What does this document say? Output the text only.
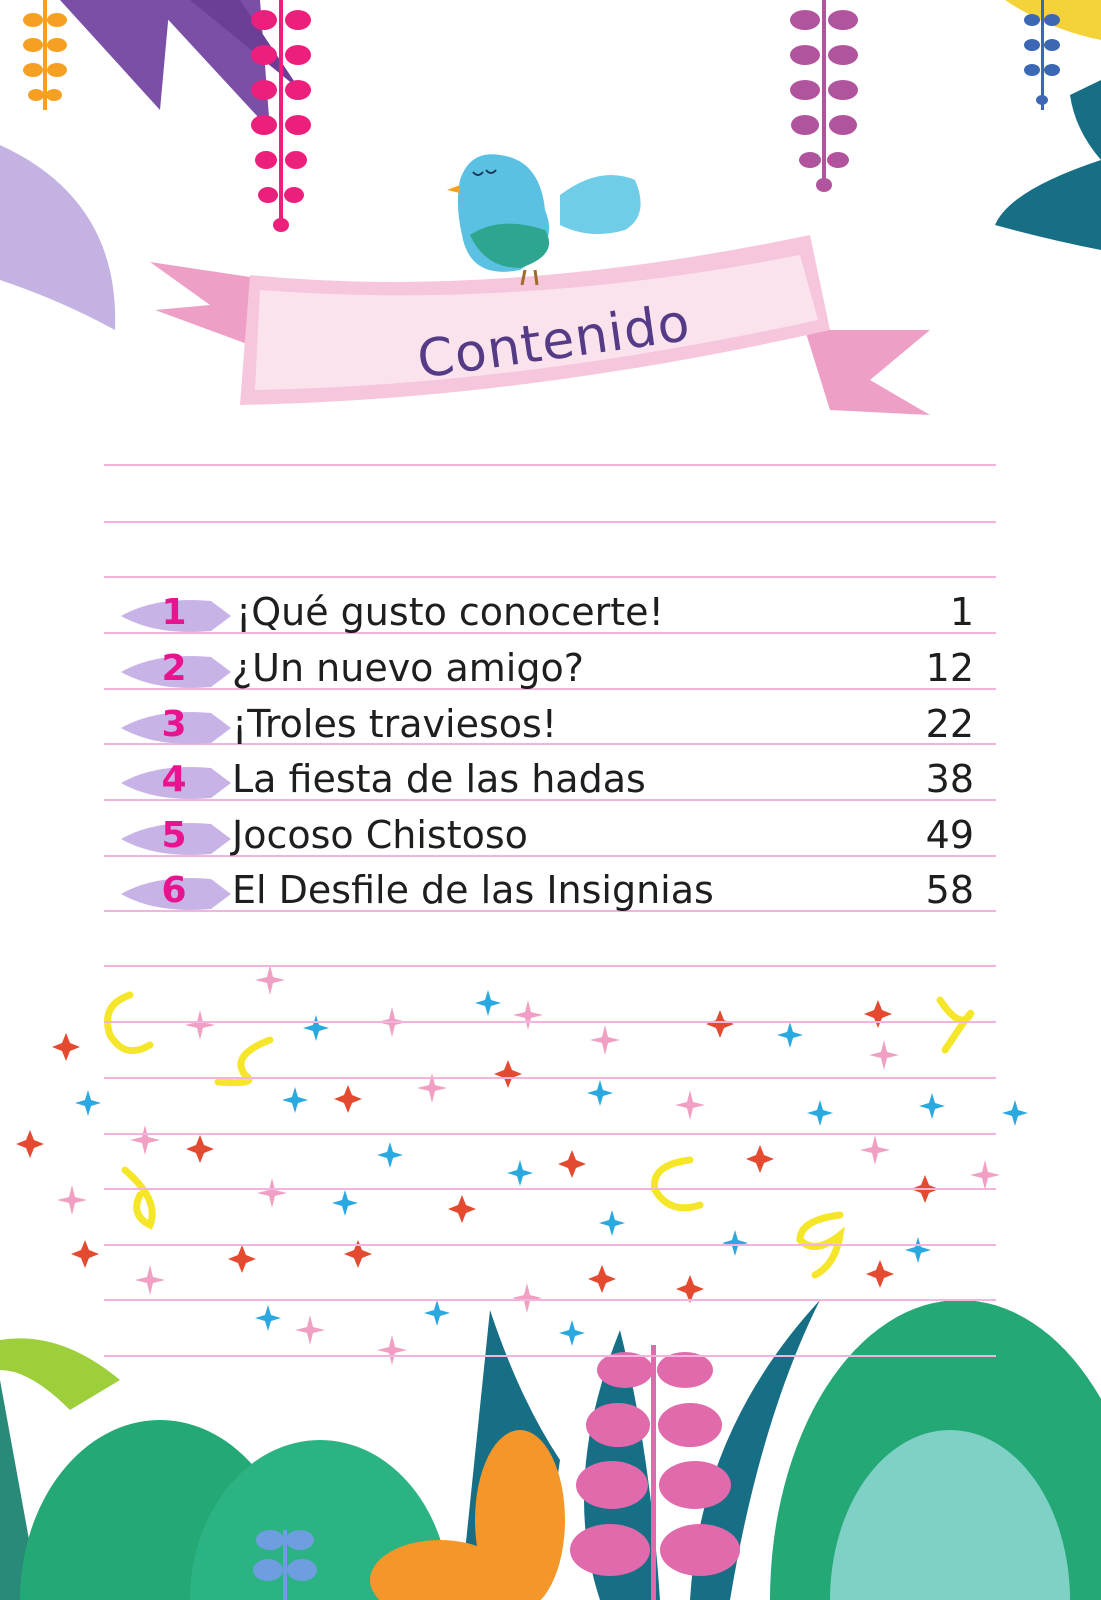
Contenido
1 ¡Qué gusto conocerte!	1
2 ¿Un nuevo amigo?	12
3 ¡Troles traviesos!	22
4 La fiesta de las hadas	38
5 Jocoso Chistoso	49
6 El Desfile de las Insignias	58
